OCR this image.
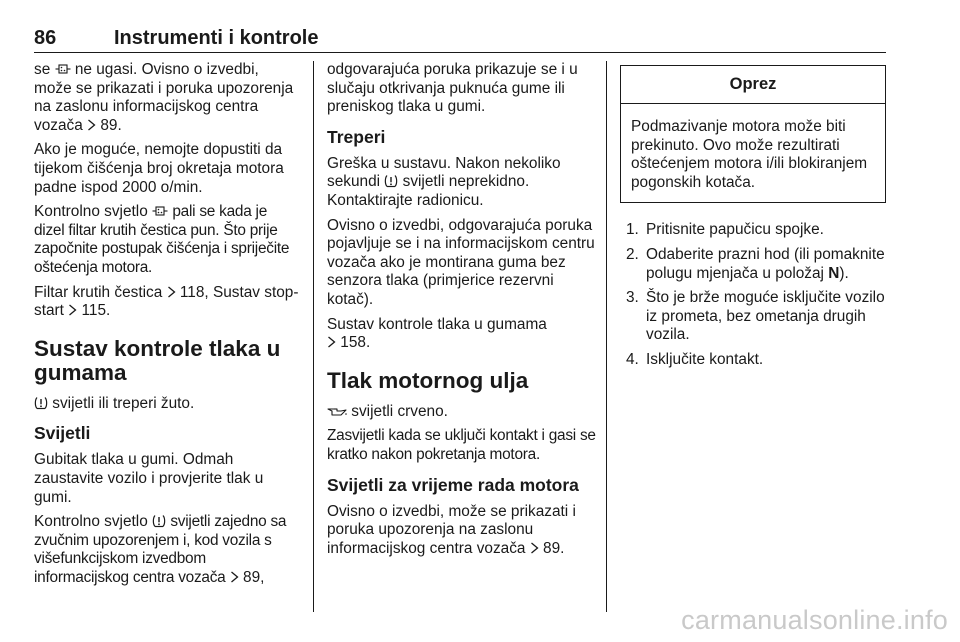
86	Instrumenti i kontrole

se ne ugasi. Ovisno o izvedbi, može se prikazati i poruka upozorenja na zaslonu informacijskog centra vozača 89.

Ako je moguće, nemojte dopustiti da tijekom čišćenja broj okretaja motora padne ispod 2000 o/min.

Kontrolno svjetlo pali se kada je dizel filtar krutih čestica pun. Što prije započnite postupak čišćenja i spriječite oštećenja motora.

Filtar krutih čestica 118, Sustav stop-start 115.

Sustav kontrole tlaka u gumama

svijetli ili treperi žuto.

Svijetli

Gubitak tlaka u gumi. Odmah zaustavite vozilo i provjerite tlak u gumi.

Kontrolno svjetlo svijetli zajedno sa zvučnim upozorenjem i, kod vozila s višefunkcijskom izvedbom informacijskog centra vozača 89,

odgovarajuća poruka prikazuje se i u slučaju otkrivanja puknuća gume ili preniskog tlaka u gumi.

Treperi

Greška u sustavu. Nakon nekoliko sekundi svijetli neprekidno. Kontaktirajte radionicu.

Ovisno o izvedbi, odgovarajuća poruka pojavljuje se i na informacijskom centru vozača ako je montirana guma bez senzora tlaka (primjerice rezervni kotač).

Sustav kontrole tlaka u gumama
158.

Tlak motornog ulja

svijetli crveno.

Zasvijetli kada se uključi kontakt i gasi se kratko nakon pokretanja motora.

Svijetli za vrijeme rada motora

Ovisno o izvedbi, može se prikazati i poruka upozorenja na zaslonu informacijskog centra vozača 89.

Oprez
Podmazivanje motora može biti prekinuto. Ovo može rezultirati oštećenjem motora i/ili blokiranjem pogonskih kotača.
1. Pritisnite papučicu spojke.
2. Odaberite prazni hod (ili pomaknite polugu mjenjača u položaj N).
3. Što je brže moguće isključite vozilo iz prometa, bez ometanja drugih vozila.
4. Isključite kontakt.
carmanualsonline.info
